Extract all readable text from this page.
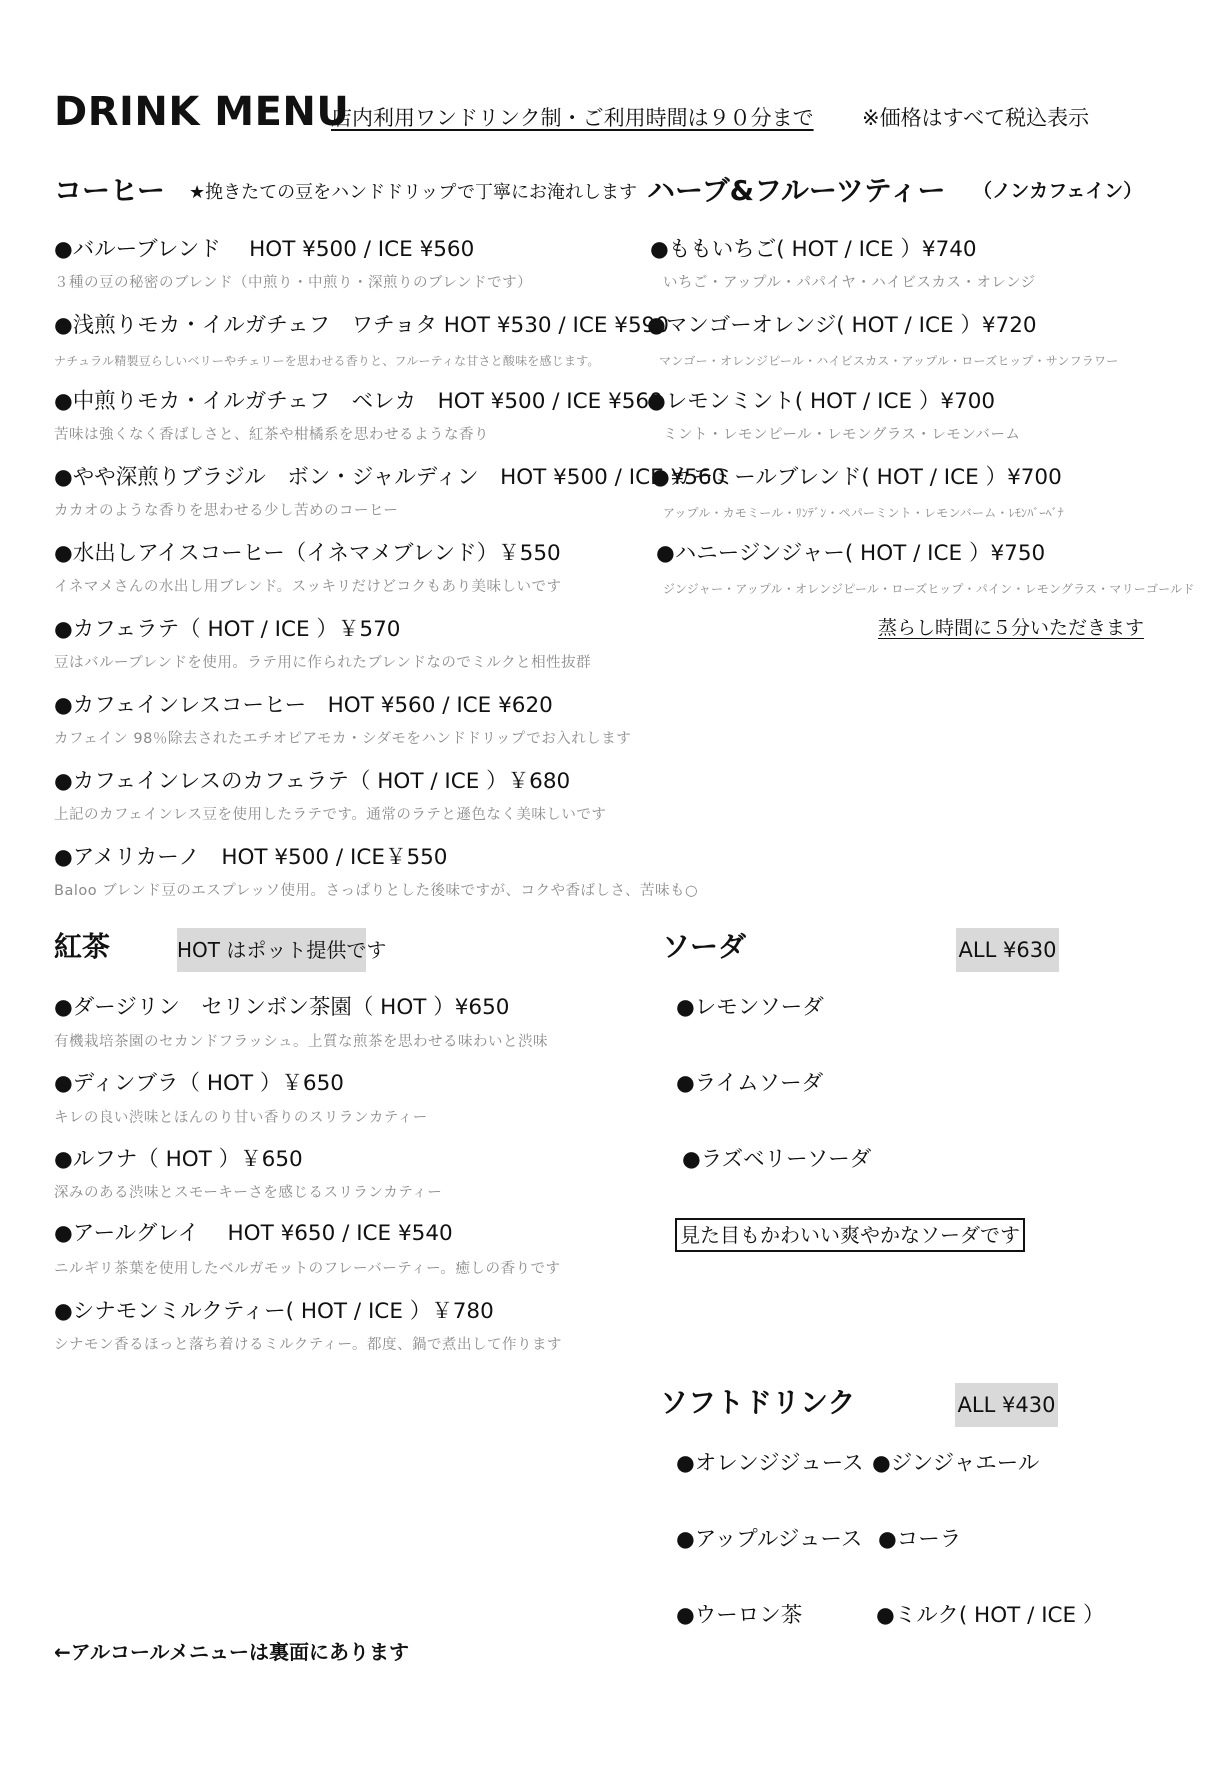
DRINK MENU
店内利用ワンドリンク制・ご利用時間は９０分まで ※価格はすべて税込表示
コーヒー ★挽きたての豆をハンドドリップで丁寧にお淹れします
●バルーブレンド　 HOT ¥500 / ICE ¥560
３種の豆の秘密のブレンド（中煎り・中煎り・深煎りのブレンドです）
●浅煎りモカ・イルガチェフ　ワチョタ HOT ¥530 / ICE ¥590
ナチュラル精製豆らしいベリーやチェリーを思わせる香りと、フルーティな甘さと酸味を感じます。
●中煎りモカ・イルガチェフ　ベレカ　HOT ¥500 / ICE ¥560
苦味は強くなく香ばしさと、紅茶や柑橘系を思わせるような香り
●やや深煎りブラジル　ボン・ジャルディン　HOT ¥500 / ICE ¥560
カカオのような香りを思わせる少し苦めのコーヒー
●水出しアイスコーヒー（イネマメブレンド）￥550
イネマメさんの水出し用ブレンド。スッキリだけどコクもあり美味しいです
●カフェラテ（ HOT / ICE ）￥570
豆はバルーブレンドを使用。ラテ用に作られたブレンドなのでミルクと相性抜群
●カフェインレスコーヒー　HOT ¥560 / ICE ¥620
カフェイン 98％除去されたエチオピアモカ・シダモをハンドドリップでお入れします
●カフェインレスのカフェラテ（ HOT / ICE ）￥680
上記のカフェインレス豆を使用したラテです。通常のラテと遜色なく美味しいです
●アメリカーノ　HOT ¥500 / ICE￥550
Baloo ブレンド豆のエスプレッソ使用。さっぱりとした後味ですが、コクや香ばしさ、苦味も○
ハーブ&フルーツティー （ノンカフェイン）
●ももいちご( HOT / ICE ）¥740
いちご・アップル・パパイヤ・ハイビスカス・オレンジ
●マンゴーオレンジ( HOT / ICE ）¥720
マンゴー・オレンジピール・ハイビスカス・アップル・ローズヒップ・サンフラワー
●レモンミント( HOT / ICE ）¥700
ミント・レモンピール・レモングラス・レモンバーム
●カモミールブレンド( HOT / ICE ）¥700
アップル・カモミール・ﾘﾝﾃﾞﾝ・ペパーミント・レモンバーム・ﾚﾓﾝﾊﾞｰﾍﾞﾅ
●ハニージンジャー( HOT / ICE ）¥750
ジンジャー・アップル・オレンジピール・ローズヒップ・パイン・レモングラス・マリーゴールド
蒸らし時間に５分いただきます
紅茶	HOT はポット提供です
●ダージリン　セリンボン茶園（ HOT ）¥650
有機栽培茶園のセカンドフラッシュ。上質な煎茶を思わせる味わいと渋味
●ディンブラ（ HOT ）￥650
キレの良い渋味とほんのり甘い香りのスリランカティー
●ルフナ（ HOT ）￥650
深みのある渋味とスモーキーさを感じるスリランカティー
●アールグレイ　 HOT ¥650 / ICE ¥540
ニルギリ茶葉を使用したベルガモットのフレーバーティー。癒しの香りです
●シナモンミルクティー( HOT / ICE ）￥780
シナモン香るほっと落ち着けるミルクティー。都度、鍋で煮出して作ります
ソーダ	ALL ¥630
●レモンソーダ
●ライムソーダ
●ラズベリーソーダ
見た目もかわいい爽やかなソーダです
ソフトドリンク	ALL ¥430
●オレンジジュース ●ジンジャエール
●アップルジュース ●コーラ
●ウーロン茶	●ミルク( HOT / ICE ）
←アルコールメニューは裏面にあります
